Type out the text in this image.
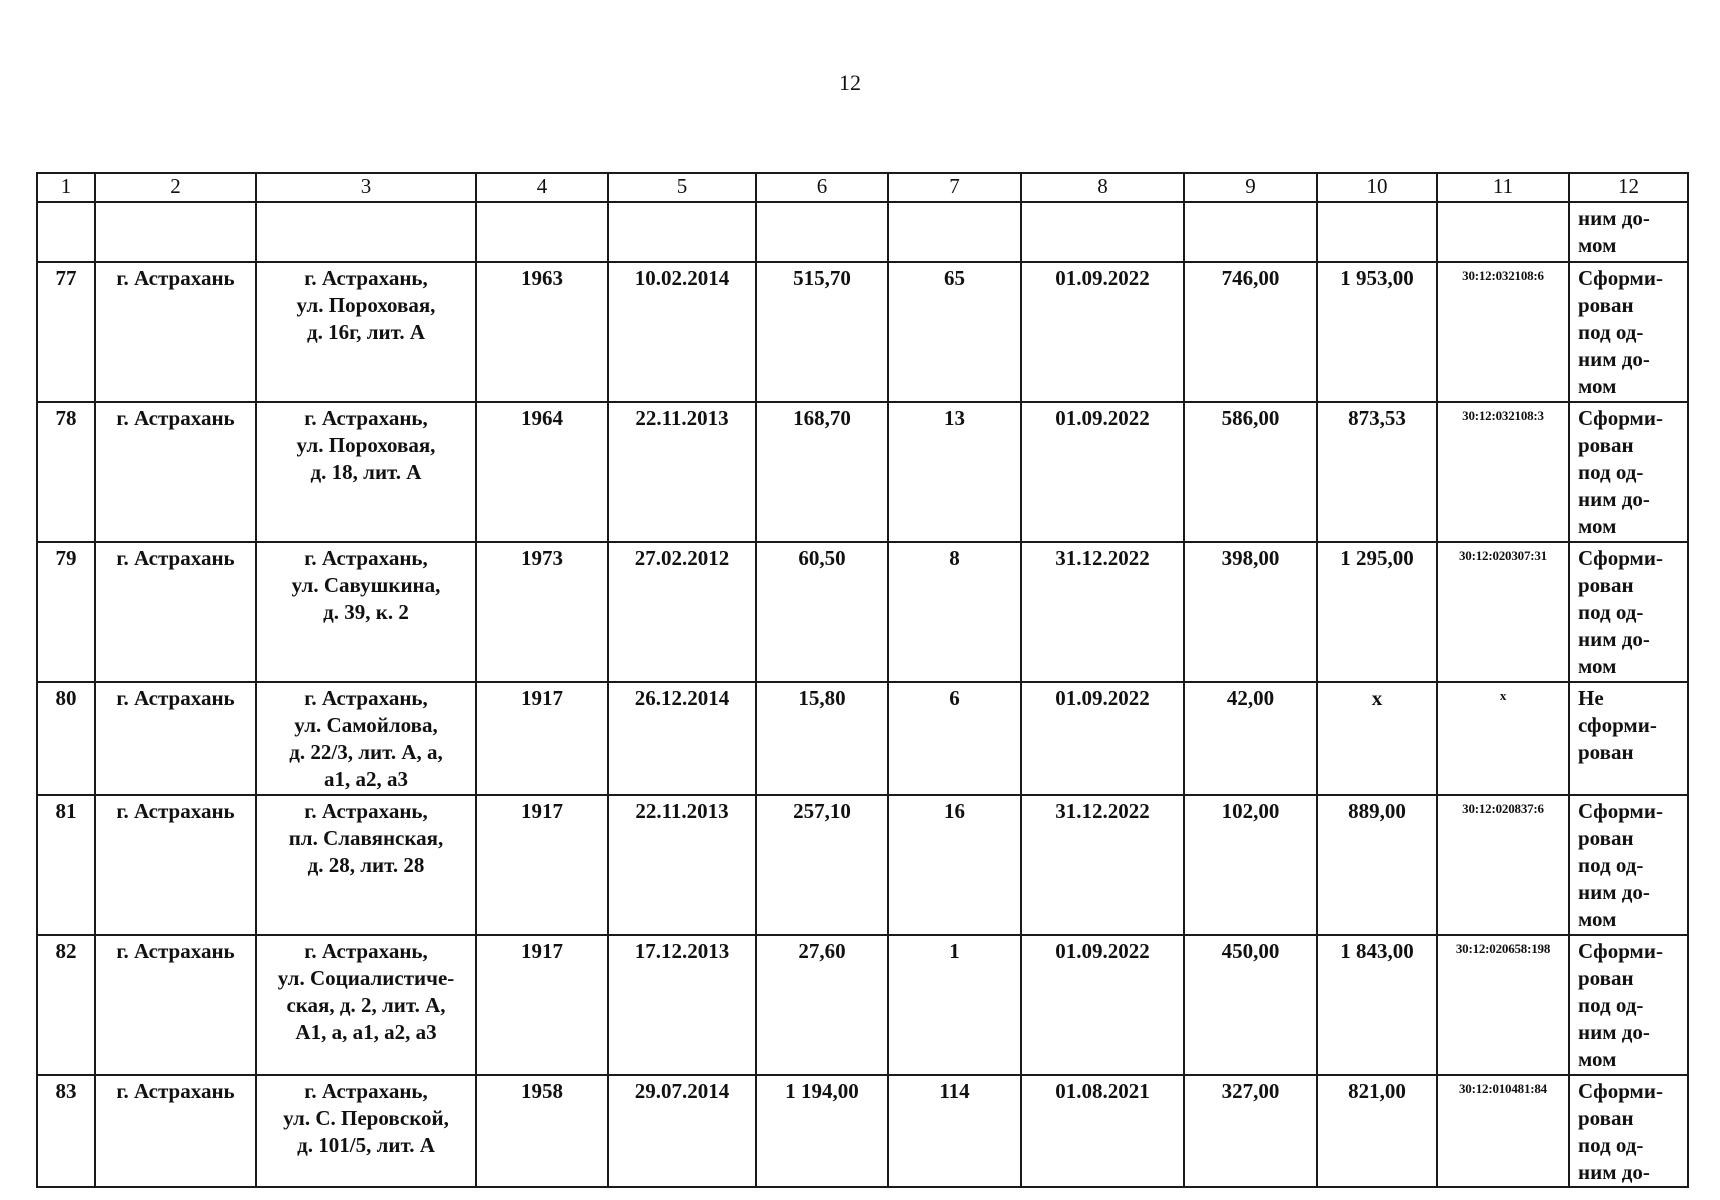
12
1	2	3	4	5	6	7	8	9	10	11	12

											ним до-
мом

77	г. Астрахань	г. Астрахань,
ул. Пороховая,
д. 16г, лит. А	1963	10.02.2014	515,70	65	01.09.2022	746,00	1 953,00	30:12:032108:6	Сформи-
рован
под од-
ним до-
мом

78	г. Астрахань	г. Астрахань,
ул. Пороховая,
д. 18, лит. А	1964	22.11.2013	168,70	13	01.09.2022	586,00	873,53	30:12:032108:3	Сформи-
рован
под од-
ним до-
мом

79	г. Астрахань	г. Астрахань,
ул. Савушкина,
д. 39, к. 2	1973	27.02.2012	60,50	8	31.12.2022	398,00	1 295,00	30:12:020307:31	Сформи-
рован
под од-
ним до-
мом

80	г. Астрахань	г. Астрахань,
ул. Самойлова,
д. 22/3, лит. А, а,
а1, а2, а3	1917	26.12.2014	15,80	6	01.09.2022	42,00	х	х	Не
сформи-
рован

81	г. Астрахань	г. Астрахань,
пл. Славянская,
д. 28, лит. 28	1917	22.11.2013	257,10	16	31.12.2022	102,00	889,00	30:12:020837:6	Сформи-
рован
под од-
ним до-
мом

82	г. Астрахань	г. Астрахань,
ул. Социалистиче-
ская, д. 2, лит. А,
А1, а, а1, а2, а3	1917	17.12.2013	27,60	1	01.09.2022	450,00	1 843,00	30:12:020658:198	Сформи-
рован
под од-
ним до-
мом

83	г. Астрахань	г. Астрахань,
ул. С. Перовской,
д. 101/5, лит. А	1958	29.07.2014	1 194,00	114	01.08.2021	327,00	821,00	30:12:010481:84	Сформи-
рован
под од-
ним до-
